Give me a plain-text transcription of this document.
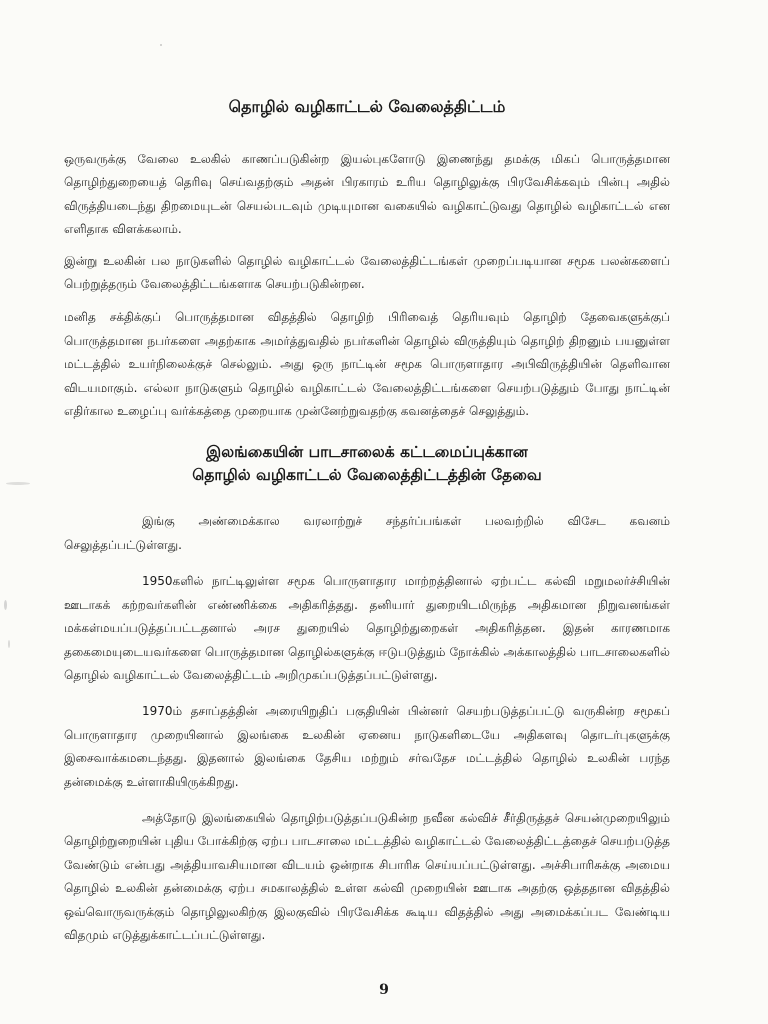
தொழில் வழிகாட்டல் வேலைத்திட்டம்

ஒருவருக்கு வேலை உலகில் காணப்படுகின்ற இயல்புகளோடு இணைந்து தமக்கு மிகப் பொருத்தமான தொழிற்துறையைத் தெரிவு செய்வதற்கும் அதன் பிரகாரம் உரிய தொழிலுக்கு பிரவேசிக்கவும் பின்பு அதில் விருத்தியடைந்து திறமையுடன் செயல்படவும் முடியுமான வகையில் வழிகாட்டுவது தொழில் வழிகாட்டல் என எளிதாக விளக்கலாம்.

இன்று உலகின் பல நாடுகளில் தொழில் வழிகாட்டல் வேலைத்திட்டங்கள் முறைப்படியான சமூக பலன்களைப் பெற்றுத்தரும் வேலைத்திட்டங்களாக செயற்படுகின்றன.

மனித சக்திக்குப் பொருத்தமான விதத்தில் தொழிற் பிரிவைத் தெரியவும் தொழிற் தேவைகளுக்குப் பொருத்தமான நபர்களை அதற்காக அமர்த்துவதில் நபர்களின் தொழில் விருத்தியும் தொழிற் திறனும் பயனுள்ள மட்டத்தில் உயர்நிலைக்குச் செல்லும். அது ஒரு நாட்டின் சமூக பொருளாதார அபிவிருத்தியின் தெளிவான விடயமாகும். எல்லா நாடுகளும் தொழில் வழிகாட்டல் வேலைத்திட்டங்களை செயற்படுத்தும் போது நாட்டின் எதிர்கால உழைப்பு வர்க்கத்தை முறையாக முன்னேற்றுவதற்கு கவனத்தைச் செலுத்தும்.

இலங்கையின் பாடசாலைக் கட்டமைப்புக்கான
தொழில் வழிகாட்டல் வேலைத்திட்டத்தின் தேவை

இங்கு அண்மைக்கால வரலாற்றுச் சந்தர்ப்பங்கள் பலவற்றில் விசேட கவனம் செலுத்தப்பட்டுள்ளது.

1950களில் நாட்டிலுள்ள சமூக பொருளாதார மாற்றத்தினால் ஏற்பட்ட கல்வி மறுமலர்ச்சியின் ஊடாகக் கற்றவர்களின் எண்ணிக்கை அதிகரித்தது. தனியார் துறையிடமிருந்த அதிகமான நிறுவனங்கள் மக்கள்மயப்படுத்தப்பட்டதனால் அரச துறையில் தொழிற்துறைகள் அதிகரித்தன. இதன் காரணமாக தகைமையுடையவர்களை பொருத்தமான தொழில்களுக்கு ஈடுபடுத்தும் நோக்கில் அக்காலத்தில் பாடசாலைகளில் தொழில் வழிகாட்டல் வேலைத்திட்டம் அறிமுகப்படுத்தப்பட்டுள்ளது.

1970ம் தசாப்தத்தின் அரையிறுதிப் பகுதியின் பின்னர் செயற்படுத்தப்பட்டு வருகின்ற சமூகப் பொருளாதார முறையினால் இலங்கை உலகின் ஏனைய நாடுகளிடையே அதிகளவு தொடர்புகளுக்கு இசைவாக்கமடைந்தது. இதனால் இலங்கை தேசிய மற்றும் சர்வதேச மட்டத்தில் தொழில் உலகின் பரந்த தன்மைக்கு உள்ளாகியிருக்கிறது.

அத்தோடு இலங்கையில் தொழிற்படுத்தப்படுகின்ற நவீன கல்விச் சீர்திருத்தச் செயன்முறையிலும் தொழிற்றுறையின் புதிய போக்கிற்கு ஏற்ப பாடசாலை மட்டத்தில் வழிகாட்டல் வேலைத்திட்டத்தைச் செயற்படுத்த வேண்டும் என்பது அத்தியாவசியமான விடயம் ஒன்றாக சிபாரிசு செய்யப்பட்டுள்ளது. அச்சிபாரிசுக்கு அமைய தொழில் உலகின் தன்மைக்கு ஏற்ப சமகாலத்தில் உள்ள கல்வி முறையின் ஊடாக அதற்கு ஒத்ததான விதத்தில் ஒவ்வொருவருக்கும் தொழிலுலகிற்கு இலகுவில் பிரவேசிக்க கூடிய விதத்தில் அது அமைக்கப்பட வேண்டிய விதமும் எடுத்துக்காட்டப்பட்டுள்ளது.

9
